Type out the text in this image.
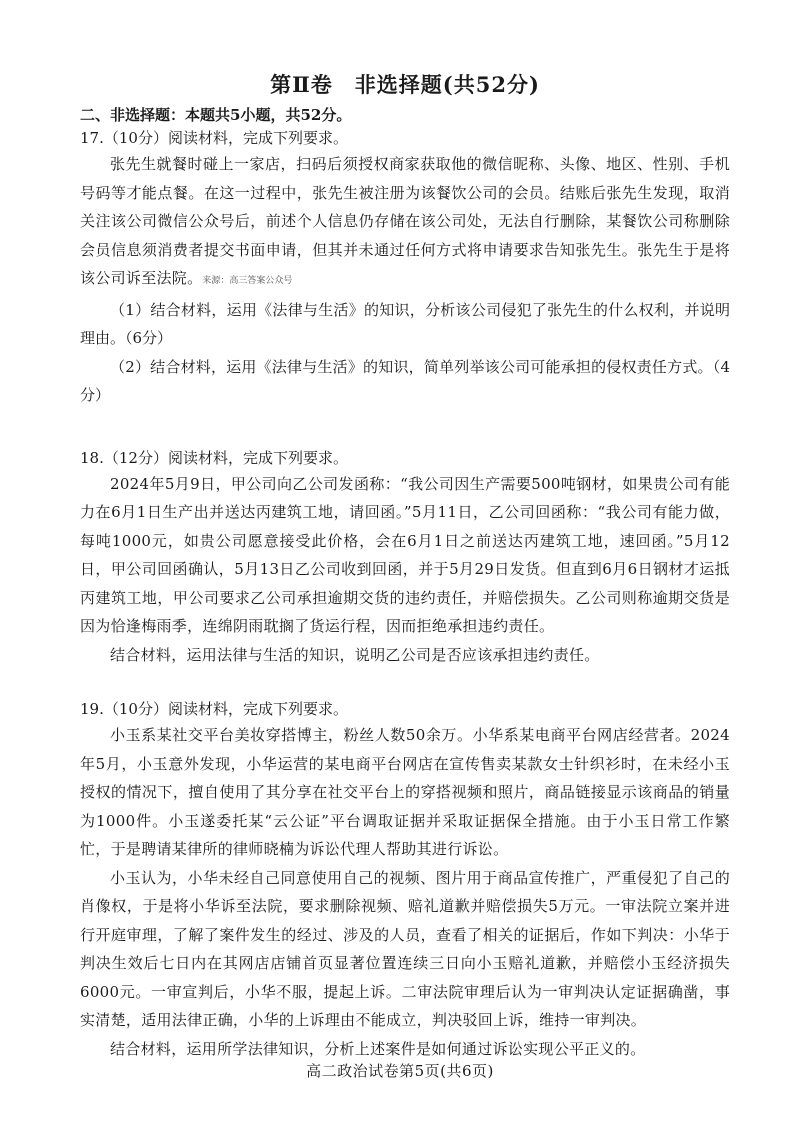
第Ⅱ卷　非选择题(共52分)

二、非选择题：本题共5小题，共52分。

17.（10分）阅读材料，完成下列要求。

张先生就餐时碰上一家店，扫码后须授权商家获取他的微信昵称、头像、地区、性别、手机号码等才能点餐。在这一过程中，张先生被注册为该餐饮公司的会员。结账后张先生发现，取消关注该公司微信公众号后，前述个人信息仍存储在该公司处，无法自行删除，某餐饮公司称删除会员信息须消费者提交书面申请，但其并未通过任何方式将申请要求告知张先生。张先生于是将该公司诉至法院。来源：高三答案公众号

（1）结合材料，运用《法律与生活》的知识，分析该公司侵犯了张先生的什么权利，并说明理由。（6分）

（2）结合材料，运用《法律与生活》的知识，简单列举该公司可能承担的侵权责任方式。（4分）

18.（12分）阅读材料，完成下列要求。

2024年5月9日，甲公司向乙公司发函称：“我公司因生产需要500吨钢材，如果贵公司有能力在6月1日生产出并送达丙建筑工地，请回函。”5月11日，乙公司回函称：“我公司有能力做，每吨1000元，如贵公司愿意接受此价格，会在6月1日之前送达丙建筑工地，速回函。”5月12日，甲公司回函确认，5月13日乙公司收到回函，并于5月29日发货。但直到6月6日钢材才运抵丙建筑工地，甲公司要求乙公司承担逾期交货的违约责任，并赔偿损失。乙公司则称逾期交货是因为恰逢梅雨季，连绵阴雨耽搁了货运行程，因而拒绝承担违约责任。

结合材料，运用法律与生活的知识，说明乙公司是否应该承担违约责任。

19.（10分）阅读材料，完成下列要求。

小玉系某社交平台美妆穿搭博主，粉丝人数50余万。小华系某电商平台网店经营者。2024年5月，小玉意外发现，小华运营的某电商平台网店在宣传售卖某款女士针织衫时，在未经小玉授权的情况下，擅自使用了其分享在社交平台上的穿搭视频和照片，商品链接显示该商品的销量为1000件。小玉遂委托某“云公证”平台调取证据并采取证据保全措施。由于小玉日常工作繁忙，于是聘请某律所的律师晓楠为诉讼代理人帮助其进行诉讼。

小玉认为，小华未经自己同意使用自己的视频、图片用于商品宣传推广，严重侵犯了自己的肖像权，于是将小华诉至法院，要求删除视频、赔礼道歉并赔偿损失5万元。一审法院立案并进行开庭审理，了解了案件发生的经过、涉及的人员，查看了相关的证据后，作如下判决：小华于判决生效后七日内在其网店店铺首页显著位置连续三日向小玉赔礼道歉，并赔偿小玉经济损失6000元。一审宣判后，小华不服，提起上诉。二审法院审理后认为一审判决认定证据确凿，事实清楚，适用法律正确，小华的上诉理由不能成立，判决驳回上诉，维持一审判决。

结合材料，运用所学法律知识，分析上述案件是如何通过诉讼实现公平正义的。

高二政治试卷第5页(共6页)
